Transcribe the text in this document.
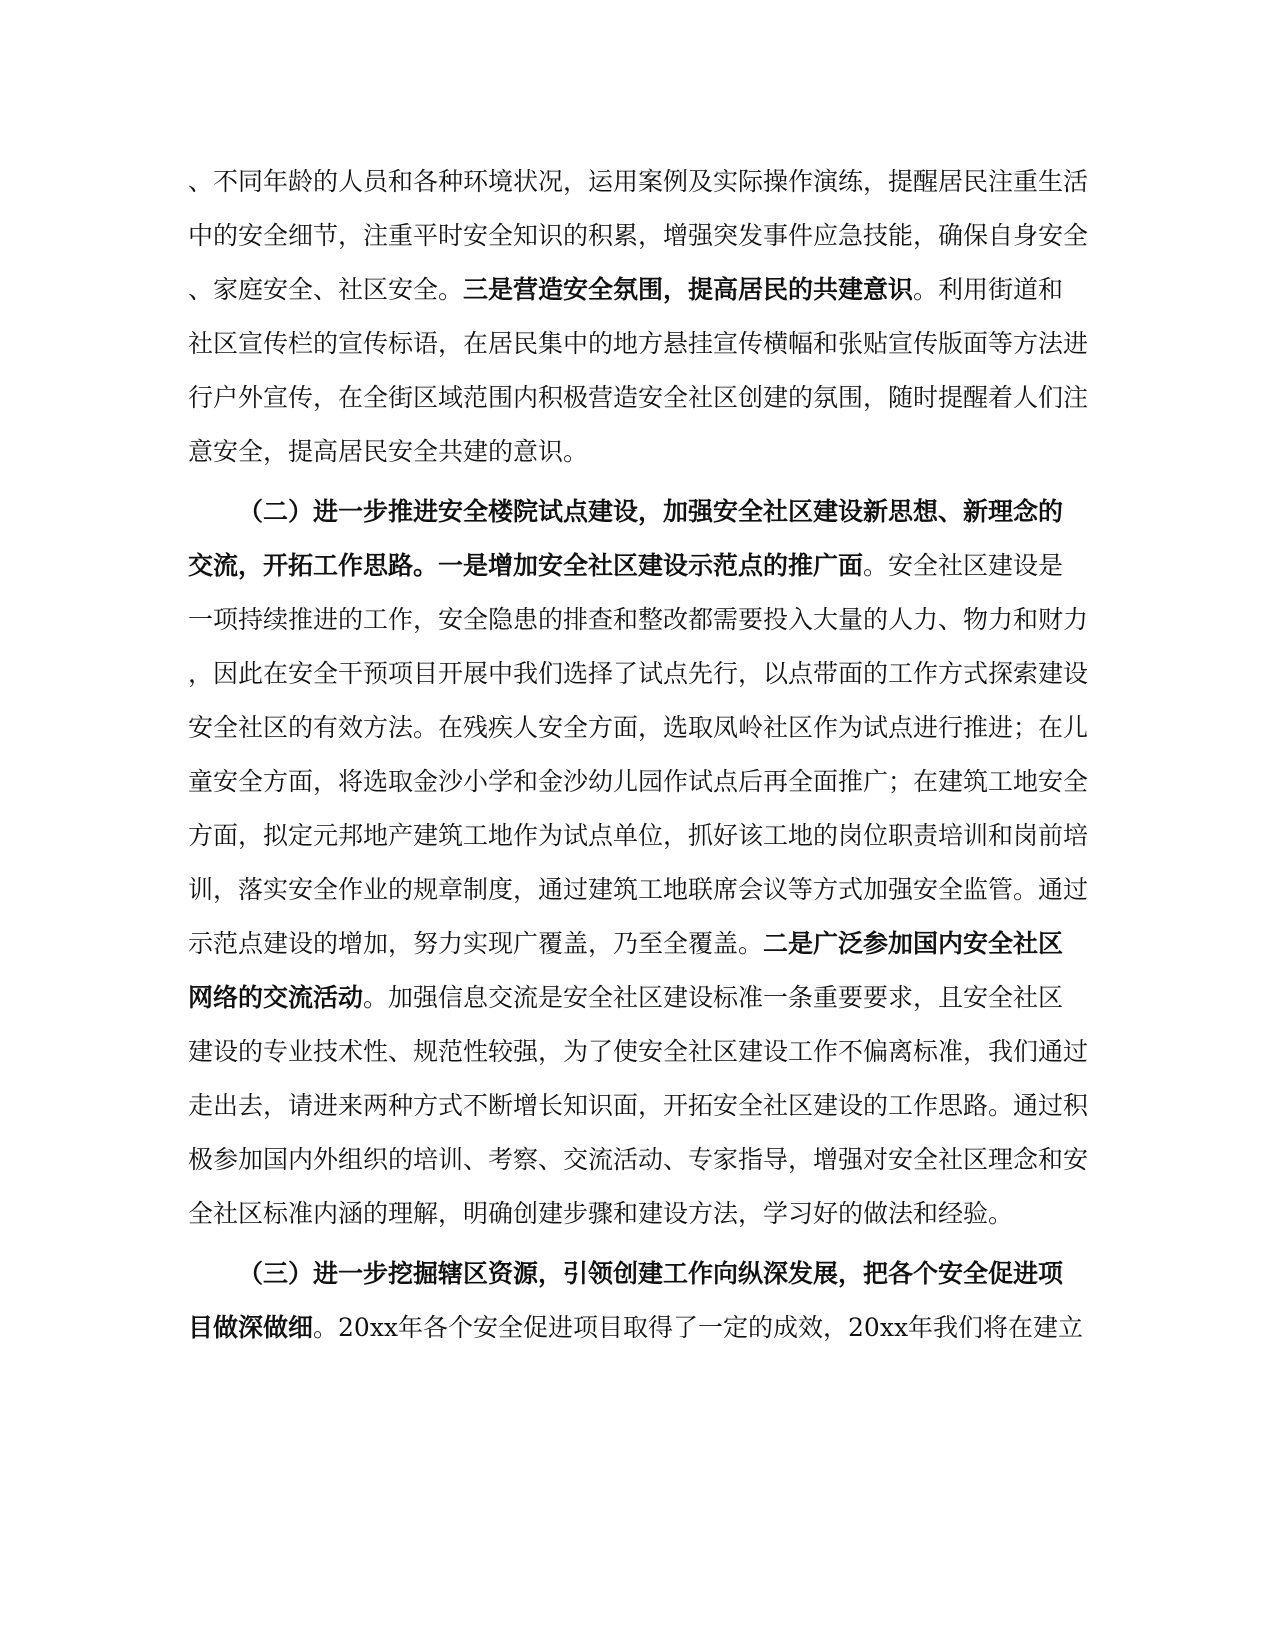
、不同年龄的人员和各种环境状况，运用案例及实际操作演练，提醒居民注重生活
中的安全细节，注重平时安全知识的积累，增强突发事件应急技能，确保自身安全
、家庭安全、社区安全。三是营造安全氛围，提高居民的共建意识。利用街道和
社区宣传栏的宣传标语，在居民集中的地方悬挂宣传横幅和张贴宣传版面等方法进
行户外宣传，在全街区域范围内积极营造安全社区创建的氛围，随时提醒着人们注
意安全，提高居民安全共建的意识。
（二）进一步推进安全楼院试点建设，加强安全社区建设新思想、新理念的
交流，开拓工作思路。一是增加安全社区建设示范点的推广面。安全社区建设是
一项持续推进的工作，安全隐患的排查和整改都需要投入大量的人力、物力和财力
，因此在安全干预项目开展中我们选择了试点先行，以点带面的工作方式探索建设
安全社区的有效方法。在残疾人安全方面，选取凤岭社区作为试点进行推进；在儿
童安全方面，将选取金沙小学和金沙幼儿园作试点后再全面推广；在建筑工地安全
方面，拟定元邦地产建筑工地作为试点单位，抓好该工地的岗位职责培训和岗前培
训，落实安全作业的规章制度，通过建筑工地联席会议等方式加强安全监管。通过
示范点建设的增加，努力实现广覆盖，乃至全覆盖。二是广泛参加国内安全社区
网络的交流活动。加强信息交流是安全社区建设标准一条重要要求，且安全社区
建设的专业技术性、规范性较强，为了使安全社区建设工作不偏离标准，我们通过
走出去，请进来两种方式不断增长知识面，开拓安全社区建设的工作思路。通过积
极参加国内外组织的培训、考察、交流活动、专家指导，增强对安全社区理念和安
全社区标准内涵的理解，明确创建步骤和建设方法，学习好的做法和经验。
（三）进一步挖掘辖区资源，引领创建工作向纵深发展，把各个安全促进项
目做深做细。20xx年各个安全促进项目取得了一定的成效，20xx年我们将在建立
